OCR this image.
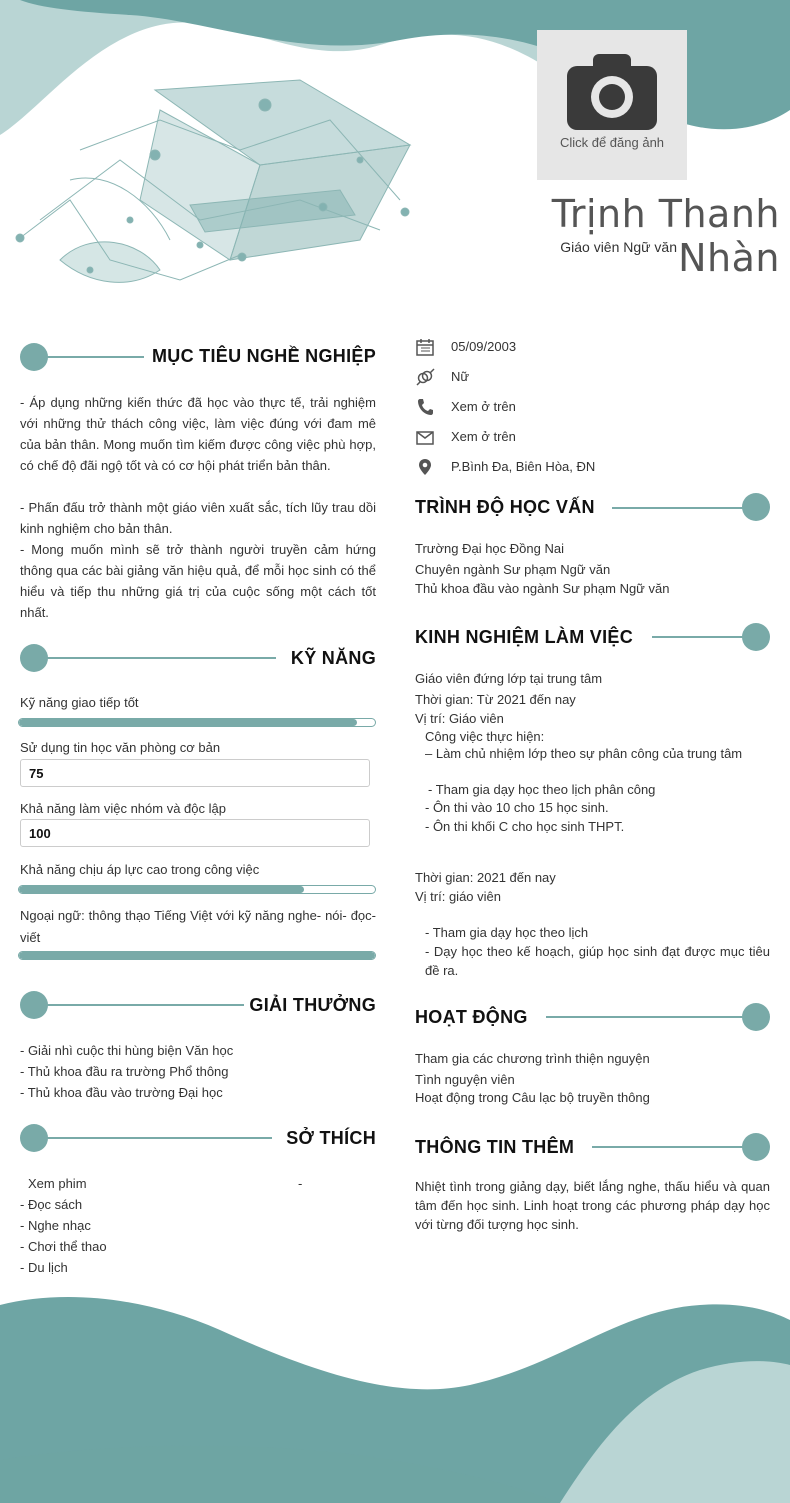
Click để đăng ảnh
Trịnh Thanh Nhàn
Giáo viên Ngữ văn
MỤC TIÊU NGHỀ NGHIỆP
- Áp dụng những kiến thức đã học vào thực tế, trải nghiệm với những thử thách công việc, làm việc đúng với đam mê của bản thân. Mong muốn tìm kiếm được công việc phù hợp, có chế độ đãi ngộ tốt và có cơ hội phát triển bản thân.
- Phấn đấu trở thành một giáo viên xuất sắc, tích lũy trau dồi kinh nghiệm cho bản thân.
- Mong muốn mình sẽ trở thành người truyền cảm hứng thông qua các bài giảng văn hiệu quả, để mỗi học sinh có thể hiểu và tiếp thu những giá trị của cuộc sống một cách tốt nhất.
KỸ NĂNG
Kỹ năng giao tiếp tốt
Sử dụng tin học văn phòng cơ bản
75
Khả năng làm việc nhóm và độc lập
100
Khả năng chịu áp lực cao trong công việc
Ngoại ngữ: thông thạo Tiếng Việt với kỹ năng nghe- nói- đọc- viết
GIẢI THƯỞNG
- Giải nhì cuộc thi hùng biện Văn học
- Thủ khoa đầu ra trường Phổ thông
- Thủ khoa đầu vào trường Đại học
SỞ THÍCH
Xem phim	-
- Đọc sách
- Nghe nhạc
- Chơi thể thao
- Du lịch
05/09/2003
Nữ
Xem ở trên
Xem ở trên
P.Bình Đa, Biên Hòa, ĐN
TRÌNH ĐỘ HỌC VẤN
Trường Đại học Đồng Nai
Chuyên ngành Sư phạm Ngữ văn
Thủ khoa đầu vào ngành Sư phạm Ngữ văn
KINH NGHIỆM LÀM VIỆC
Giáo viên đứng lớp tại trung tâm
Thời gian: Từ 2021 đến nay
Vị trí: Giáo viên
Công việc thực hiện:
– Làm chủ nhiệm lớp theo sự phân công của trung tâm
- Tham gia dạy học theo lịch phân công
- Ôn thi vào 10 cho 15 học sinh.
- Ôn thi khối C cho học sinh THPT.
Thời gian: 2021 đến nay
Vị trí: giáo viên
- Tham gia dạy học theo lịch
- Dạy học theo kế hoạch, giúp học sinh đạt được mục tiêu đề ra.
HOẠT ĐỘNG
Tham gia các chương trình thiện nguyện
Tình nguyện viên
Hoạt động trong Câu lạc bộ truyền thông
THÔNG TIN THÊM
Nhiệt tình trong giảng dạy, biết lắng nghe, thấu hiểu và quan tâm đến học sinh. Linh hoạt trong các phương pháp dạy học với từng đối tượng học sinh.
